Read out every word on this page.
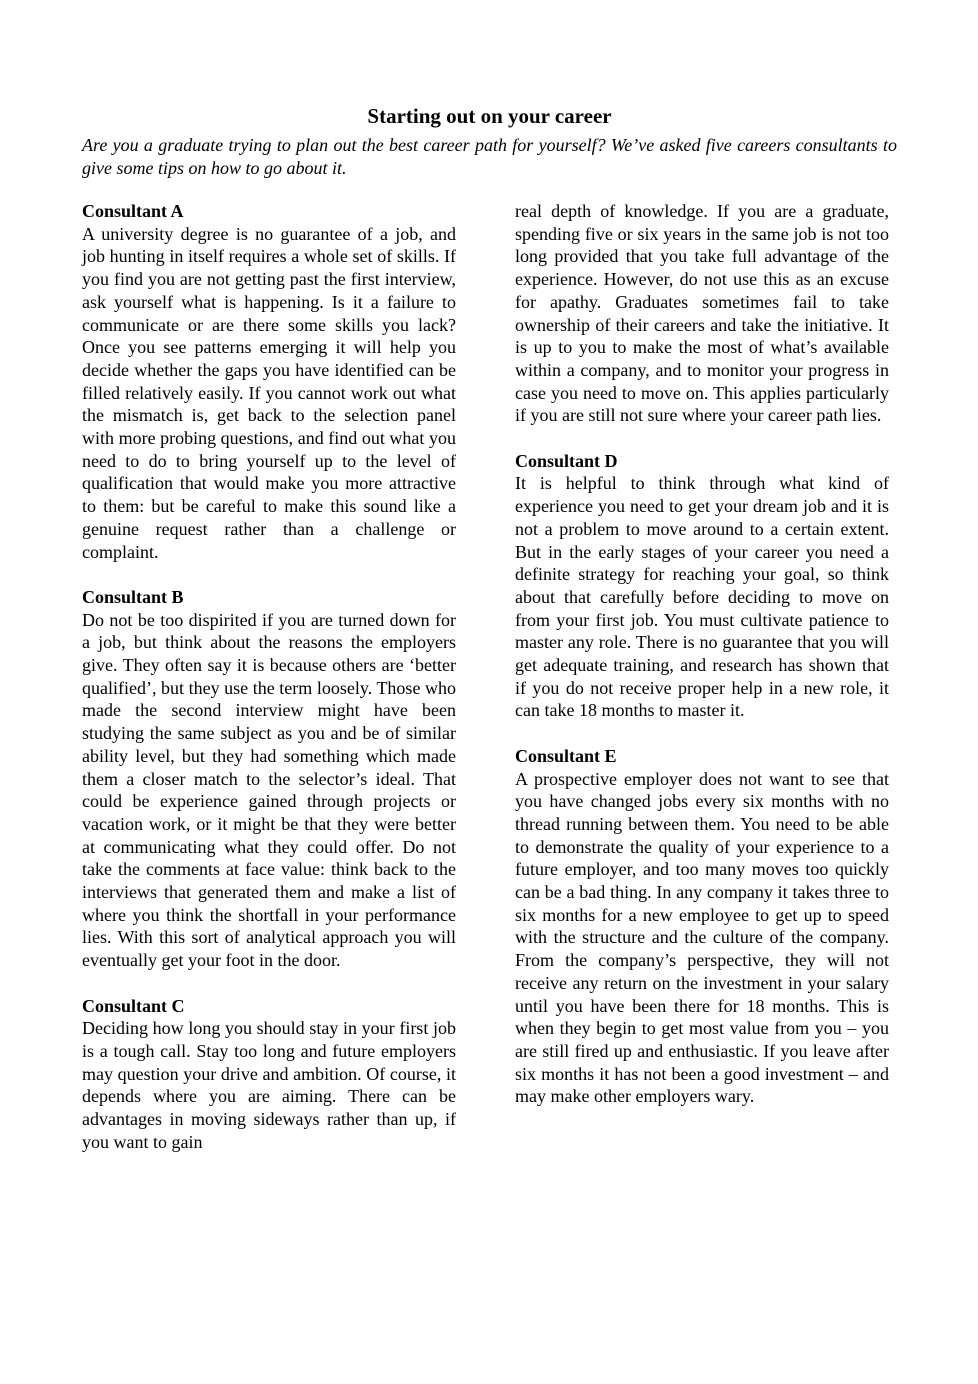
Starting out on your career

Are you a graduate trying to plan out the best career path for yourself? We’ve asked five careers consultants to give some tips on how to go about it.

Consultant A

A university degree is no guarantee of a job, and job hunting in itself requires a whole set of skills. If you find you are not getting past the first interview, ask yourself what is happening. Is it a failure to communicate or are there some skills you lack? Once you see patterns emerging it will help you decide whether the gaps you have identified can be filled relatively easily. If you cannot work out what the mismatch is, get back to the selection panel with more probing questions, and find out what you need to do to bring yourself up to the level of qualification that would make you more attractive to them: but be careful to make this sound like a genuine request rather than a challenge or complaint.

Consultant B

Do not be too dispirited if you are turned down for a job, but think about the reasons the employers give. They often say it is because others are ‘better qualified’, but they use the term loosely. Those who made the second interview might have been studying the same subject as you and be of similar ability level, but they had something which made them a closer match to the selector’s ideal. That could be experience gained through projects or vacation work, or it might be that they were better at communicating what they could offer. Do not take the comments at face value: think back to the interviews that generated them and make a list of where you think the shortfall in your performance lies. With this sort of analytical approach you will eventually get your foot in the door.

Consultant C

Deciding how long you should stay in your first job is a tough call. Stay too long and future employers may question your drive and ambition. Of course, it depends where you are aiming. There can be advantages in moving sideways rather than up, if you want to gain

real depth of knowledge. If you are a graduate, spending five or six years in the same job is not too long provided that you take full advantage of the experience. However, do not use this as an excuse for apathy. Graduates sometimes fail to take ownership of their careers and take the initiative. It is up to you to make the most of what’s available within a company, and to monitor your progress in case you need to move on. This applies particularly if you are still not sure where your career path lies.

Consultant D

It is helpful to think through what kind of experience you need to get your dream job and it is not a problem to move around to a certain extent. But in the early stages of your career you need a definite strategy for reaching your goal, so think about that carefully before deciding to move on from your first job. You must cultivate patience to master any role. There is no guarantee that you will get adequate training, and research has shown that if you do not receive proper help in a new role, it can take 18 months to master it.

Consultant E

A prospective employer does not want to see that you have changed jobs every six months with no thread running between them. You need to be able to demonstrate the quality of your experience to a future employer, and too many moves too quickly can be a bad thing. In any company it takes three to six months for a new employee to get up to speed with the structure and the culture of the company. From the company’s perspective, they will not receive any return on the investment in your salary until you have been there for 18 months. This is when they begin to get most value from you – you are still fired up and enthusiastic. If you leave after six months it has not been a good investment – and may make other employers wary.
